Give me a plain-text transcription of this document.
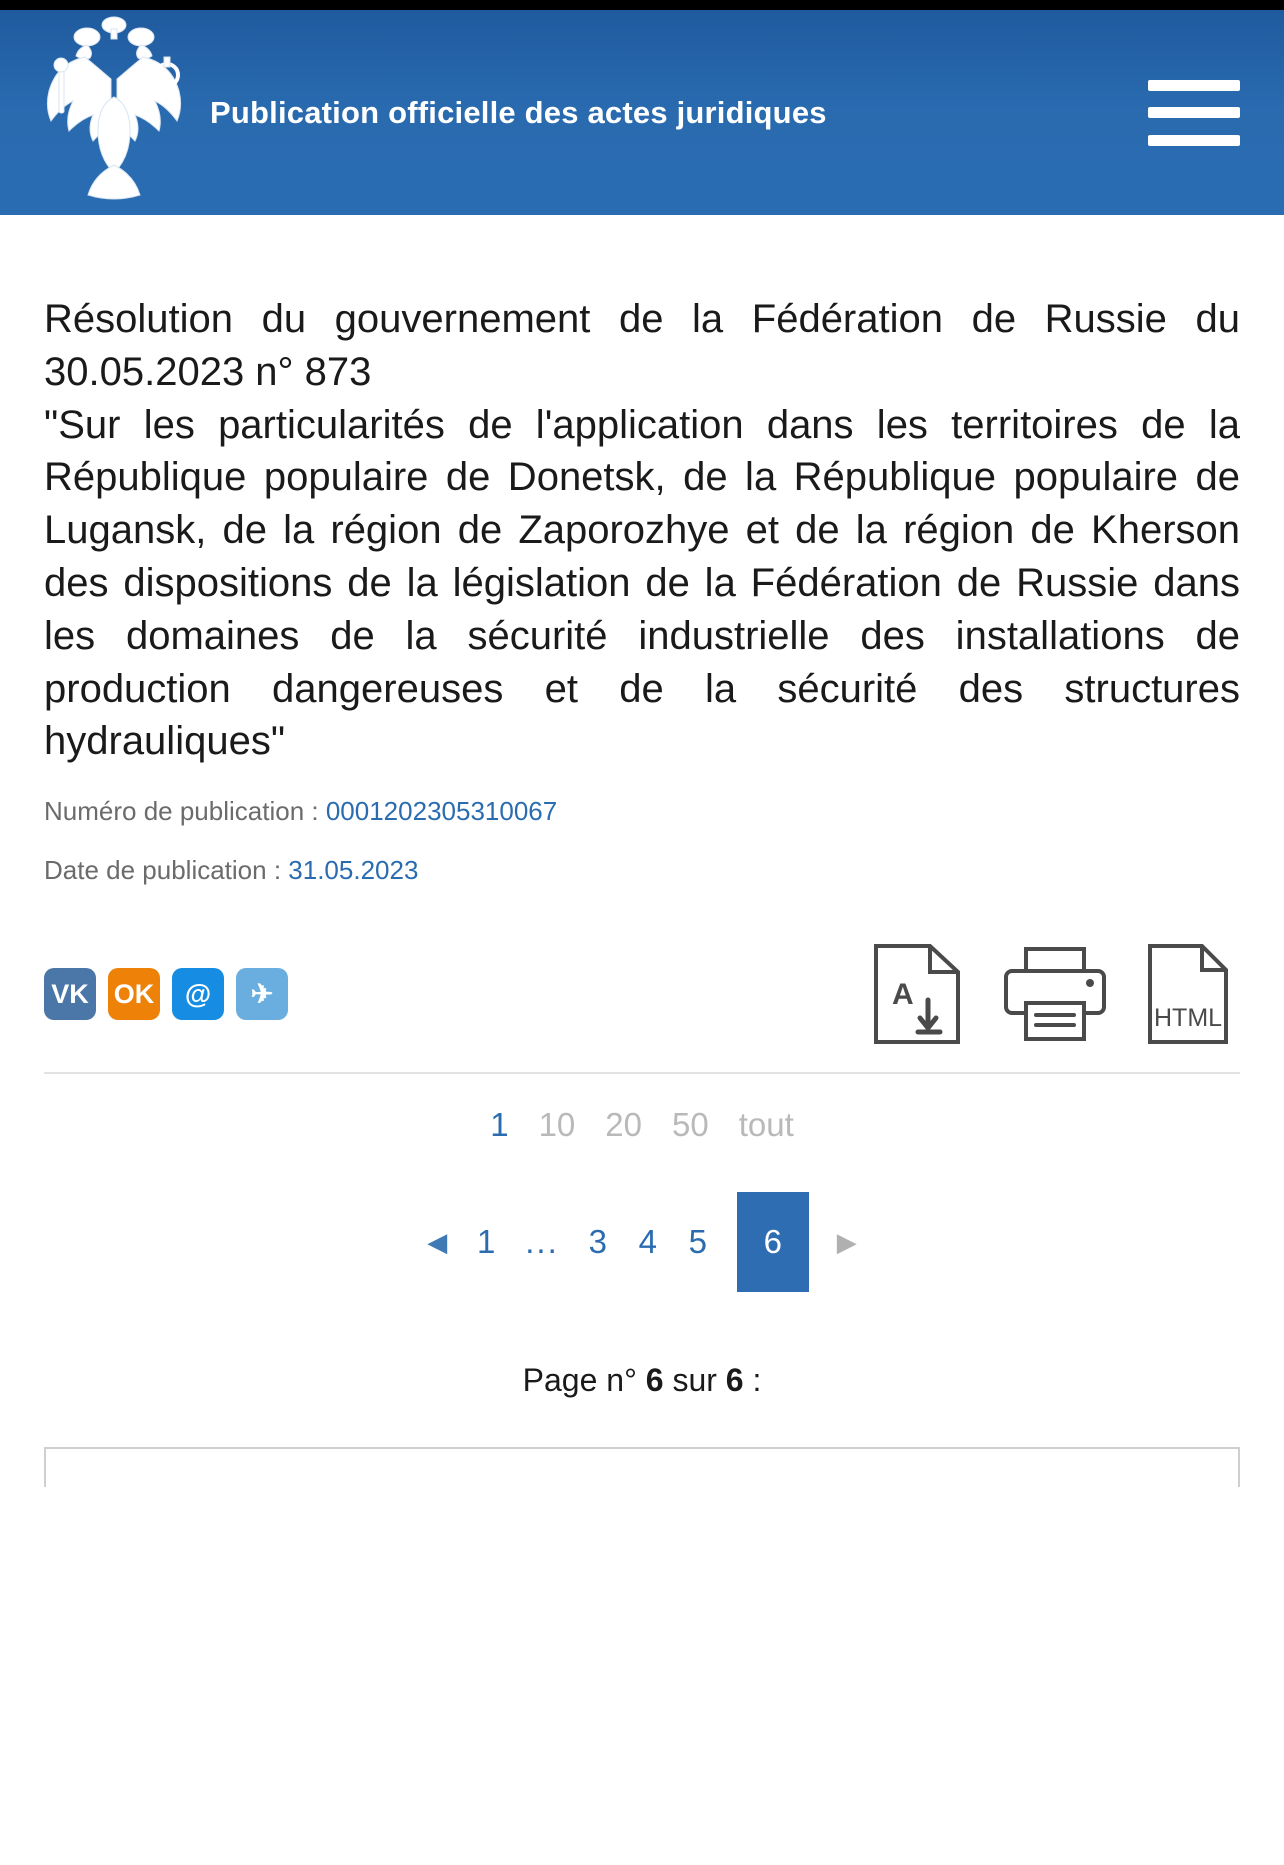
Publication officielle des actes juridiques
Résolution du gouvernement de la Fédération de Russie du 30.05.2023 n° 873
"Sur les particularités de l'application dans les territoires de la République populaire de Donetsk, de la République populaire de Lugansk, de la région de Zaporozhye et de la région de Kherson des dispositions de la législation de la Fédération de Russie dans les domaines de la sécurité industrielle des installations de production dangereuses et de la sécurité des structures hydrauliques"
Numéro de publication : 0001202305310067
Date de publication : 31.05.2023
VK OK	@	✈	A
HTML
1 10 20 50 tout
◀ 1 ... 3 4 5	6	▶
Page n° 6 sur 6 :
